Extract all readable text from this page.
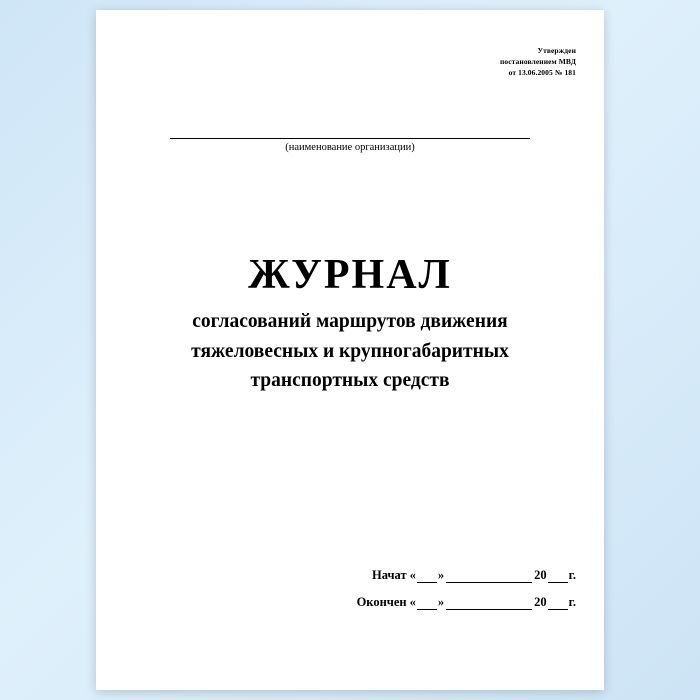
Утвержден
постановлением МВД
от 13.06.2005 № 181
(наименование организации)
ЖУРНАЛ
согласований маршрутов движения
тяжеловесных и крупногабаритных
транспортных средств
Начат « »	20 г.
Окончен « »	20 г.
